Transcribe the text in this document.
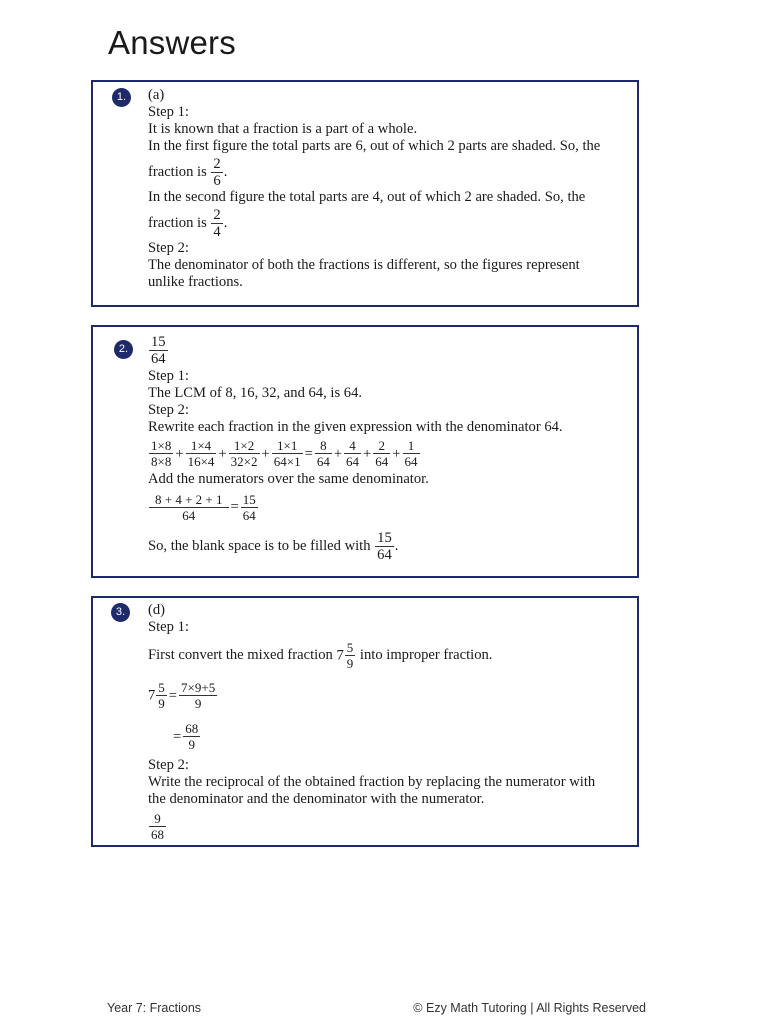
Answers
1.	(a)
Step 1:
It is known that a fraction is a part of a whole.
In the first figure the total parts are 6, out of which 2 parts are shaded. So, the
fraction is $\frac{2}{6}$ .
In the second figure the total parts are 4, out of which 2 are shaded. So, the
fraction is $\frac{2}{4}$ .
Step 2:
The denominator of both the fractions is different, so the figures represent
unlike fractions.
2.	$\frac{15}{64}$
Step 1:
The LCM of 8, 16, 32, and 64, is 64.
Step 2:
Rewrite each fraction in the given expression with the denominator 64.
$\frac{1\times 8}{8\times 8} + \frac{1\times 4}{16\times 4} + \frac{1\times 2}{32\times 2} + \frac{1\times 1}{64\times 1} = \frac{8}{64} + \frac{4}{64} + \frac{2}{64} + \frac{1}{64}$
Add the numerators over the same denominator.
$\frac{8 + 4 + 2 + 1}{64} = \frac{15}{64}$
So, the blank space is to be filled with $\frac{15}{64}$ .
3.	(d)
Step 1:
First convert the mixed fraction $7 \frac{5}{9}$ into improper fraction.
$7 \frac{5}{9} = \frac{7\times 9+5}{9}$
= $\frac{68}{9}$
Step 2:
Write the reciprocal of the obtained fraction by replacing the numerator with
the denominator and the denominator with the numerator.
$\frac{9}{68}$
Year 7: Fractions	© Ezy Math Tutoring | All Rights Reserved
